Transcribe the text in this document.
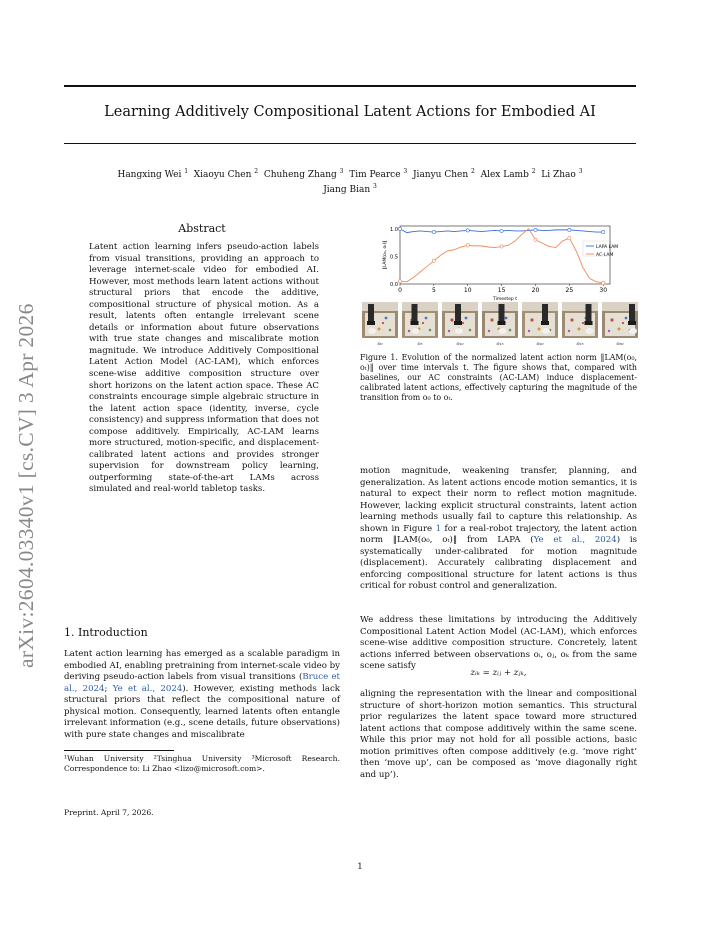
arXiv:2604.03340v1 [cs.CV] 3 Apr 2026
Learning Additively Compositional Latent Actions for Embodied AI
Hangxing Wei $^1$ Xiaoyu Chen $^2$ Chuheng Zhang $^3$ Tim Pearce $^3$ Jianyu Chen $^2$ Alex Lamb $^2$ Li Zhao $^3$
Jiang Bian $^3$
Abstract
Latent action learning infers pseudo-action labels from visual transitions, providing an approach to leverage internet-scale video for embodied AI. However, most methods learn latent actions without structural priors that encode the additive, compositional structure of physical motion. As a result, latents often entangle irrelevant scene details or information about future observations with true state changes and miscalibrate motion magnitude. We introduce Additively Compositional Latent Action Model (AC-LAM), which enforces scene-wise additive composition structure over short horizons on the latent action space. These AC constraints encourage simple algebraic structure in the latent action space (identity, inverse, cycle consistency) and suppress information that does not compose additively. Empirically, AC-LAM learns more structured, motion-specific, and displacement-calibrated latent actions and provides stronger supervision for downstream policy learning, outperforming state-of-the-art LAMs across simulated and real-world tabletop tasks.
1. Introduction
Latent action learning has emerged as a scalable paradigm in embodied AI, enabling pretraining from internet-scale video by deriving pseudo-action labels from visual transitions (Bruce et al., 2024; Ye et al., 2024). However, existing methods lack structural priors that reflect the compositional nature of physical motion. Consequently, learned latents often entangle irrelevant information (e.g., scene details, future observations) with pure state changes and miscalibrate
¹Wuhan University ²Tsinghua University ³Microsoft Research. Correspondence to: Li Zhao <lizo@microsoft.com>.
Preprint. April 7, 2026.
0	5	10	15	20	25	30
0.0
0.5
1.0
Timestep t
‖LAM(o₀, oₜ)‖	LAPA LAM
AC-LAM
o₀	o₅	o₁₀	o₁₅	o₂₀	o₂₅	o₃₀
Figure 1. Evolution of the normalized latent action norm ‖LAM(o₀, oₜ)‖ over time intervals t. The figure shows that, compared with baselines, our AC constraints (AC-LAM) induce displacement-calibrated latent actions, effectively capturing the magnitude of the transition from o₀ to oₜ.
motion magnitude, weakening transfer, planning, and generalization. As latent actions encode motion semantics, it is natural to expect their norm to reflect motion magnitude. However, lacking explicit structural constraints, latent action learning methods usually fail to capture this relationship. As shown in Figure 1 for a real-robot trajectory, the latent action norm ‖LAM(o₀, oₜ)‖ from LAPA (Ye et al., 2024) is systematically under-calibrated for motion magnitude (displacement). Accurately calibrating displacement and enforcing compositional structure for latent actions is thus critical for robust control and generalization.
We address these limitations by introducing the Additively Compositional Latent Action Model (AC-LAM), which enforces scene-wise additive composition structure. Concretely, latent actions inferred between observations oᵢ, oⱼ, oₖ from the same scene satisfy
zᵢₖ = zᵢⱼ + zⱼₖ,
aligning the representation with the linear and compositional structure of short-horizon motion semantics. This structural prior regularizes the latent space toward more structured latent actions that compose additively within the same scene. While this prior may not hold for all possible actions, basic motion primitives often compose additively (e.g. ‘move right’ then ‘move up’, can be composed as ‘move diagonally right and up’).
1
